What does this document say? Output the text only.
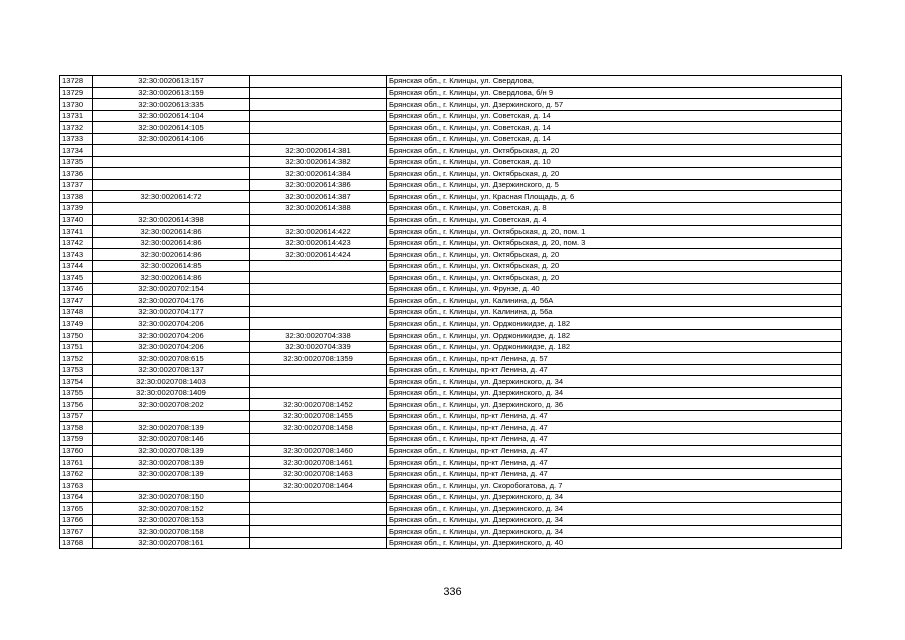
13728	32:30:0020613:157		Брянская обл., г. Клинцы, ул. Свердлова,
13729	32:30:0020613:159		Брянская обл., г. Клинцы, ул. Свердлова, б/н 9
13730	32:30:0020613:335		Брянская обл., г. Клинцы, ул. Дзержинского, д. 57
13731	32:30:0020614:104		Брянская обл., г. Клинцы, ул. Советская, д. 14
13732	32:30:0020614:105		Брянская обл., г. Клинцы, ул. Советская, д. 14
13733	32:30:0020614:106		Брянская обл., г. Клинцы, ул. Советская, д. 14
13734		32:30:0020614:381	Брянская обл., г. Клинцы, ул. Октябрьская, д. 20
13735		32:30:0020614:382	Брянская обл., г. Клинцы, ул. Советская, д. 10
13736		32:30:0020614:384	Брянская обл., г. Клинцы, ул. Октябрьская, д. 20
13737		32:30:0020614:386	Брянская обл., г. Клинцы, ул. Дзержинского, д. 5
13738	32:30:0020614:72	32:30:0020614:387	Брянская обл., г. Клинцы, ул. Красная Площадь, д. 6
13739		32:30:0020614:388	Брянская обл., г. Клинцы, ул. Советская, д. 8
13740	32:30:0020614:398		Брянская обл., г. Клинцы, ул. Советская, д. 4
13741	32:30:0020614:86	32:30:0020614:422	Брянская обл., г. Клинцы, ул. Октябрьская, д. 20, пом. 1
13742	32:30:0020614:86	32:30:0020614:423	Брянская обл., г. Клинцы, ул. Октябрьская, д. 20, пом. 3
13743	32:30:0020614:86	32:30:0020614:424	Брянская обл., г. Клинцы, ул. Октябрьская, д. 20
13744	32:30:0020614:85		Брянская обл., г. Клинцы, ул. Октябрьская, д. 20
13745	32:30:0020614:86		Брянская обл., г. Клинцы, ул. Октябрьская, д. 20
13746	32:30:0020702:154		Брянская обл., г. Клинцы, ул. Фрунзе, д. 40
13747	32:30:0020704:176		Брянская обл., г. Клинцы, ул. Калинина, д. 56А
13748	32:30:0020704:177		Брянская обл., г. Клинцы, ул. Калинина, д. 56а
13749	32:30:0020704:206		Брянская обл., г. Клинцы, ул. Орджоникидзе, д. 182
13750	32:30:0020704:206	32:30:0020704:338	Брянская обл., г. Клинцы, ул. Орджоникидзе, д. 182
13751	32:30:0020704:206	32:30:0020704:339	Брянская обл., г. Клинцы, ул. Орджоникидзе, д. 182
13752	32:30:0020708:615	32:30:0020708:1359	Брянская обл., г. Клинцы, пр-кт Ленина, д. 57
13753	32:30:0020708:137		Брянская обл., г. Клинцы, пр-кт Ленина, д. 47
13754	32:30:0020708:1403		Брянская обл., г. Клинцы, ул. Дзержинского, д. 34
13755	32:30:0020708:1409		Брянская обл., г. Клинцы, ул. Дзержинского, д. 34
13756	32:30:0020708:202	32:30:0020708:1452	Брянская обл., г. Клинцы, ул. Дзержинского, д. 36
13757		32:30:0020708:1455	Брянская обл., г. Клинцы, пр-кт Ленина, д. 47
13758	32:30:0020708:139	32:30:0020708:1458	Брянская обл., г. Клинцы, пр-кт Ленина, д. 47
13759	32:30:0020708:146		Брянская обл., г. Клинцы, пр-кт Ленина, д. 47
13760	32:30:0020708:139	32:30:0020708:1460	Брянская обл., г. Клинцы, пр-кт Ленина, д. 47
13761	32:30:0020708:139	32:30:0020708:1461	Брянская обл., г. Клинцы, пр-кт Ленина, д. 47
13762	32:30:0020708:139	32:30:0020708:1463	Брянская обл., г. Клинцы, пр-кт Ленина, д. 47
13763		32:30:0020708:1464	Брянская обл., г. Клинцы, ул. Скоробогатова, д. 7
13764	32:30:0020708:150		Брянская обл., г. Клинцы, ул. Дзержинского, д. 34
13765	32:30:0020708:152		Брянская обл., г. Клинцы, ул. Дзержинского, д. 34
13766	32:30:0020708:153		Брянская обл., г. Клинцы, ул. Дзержинского, д. 34
13767	32:30:0020708:158		Брянская обл., г. Клинцы, ул. Дзержинского, д. 34
13768	32:30:0020708:161		Брянская обл., г. Клинцы, ул. Дзержинского, д. 40
336
